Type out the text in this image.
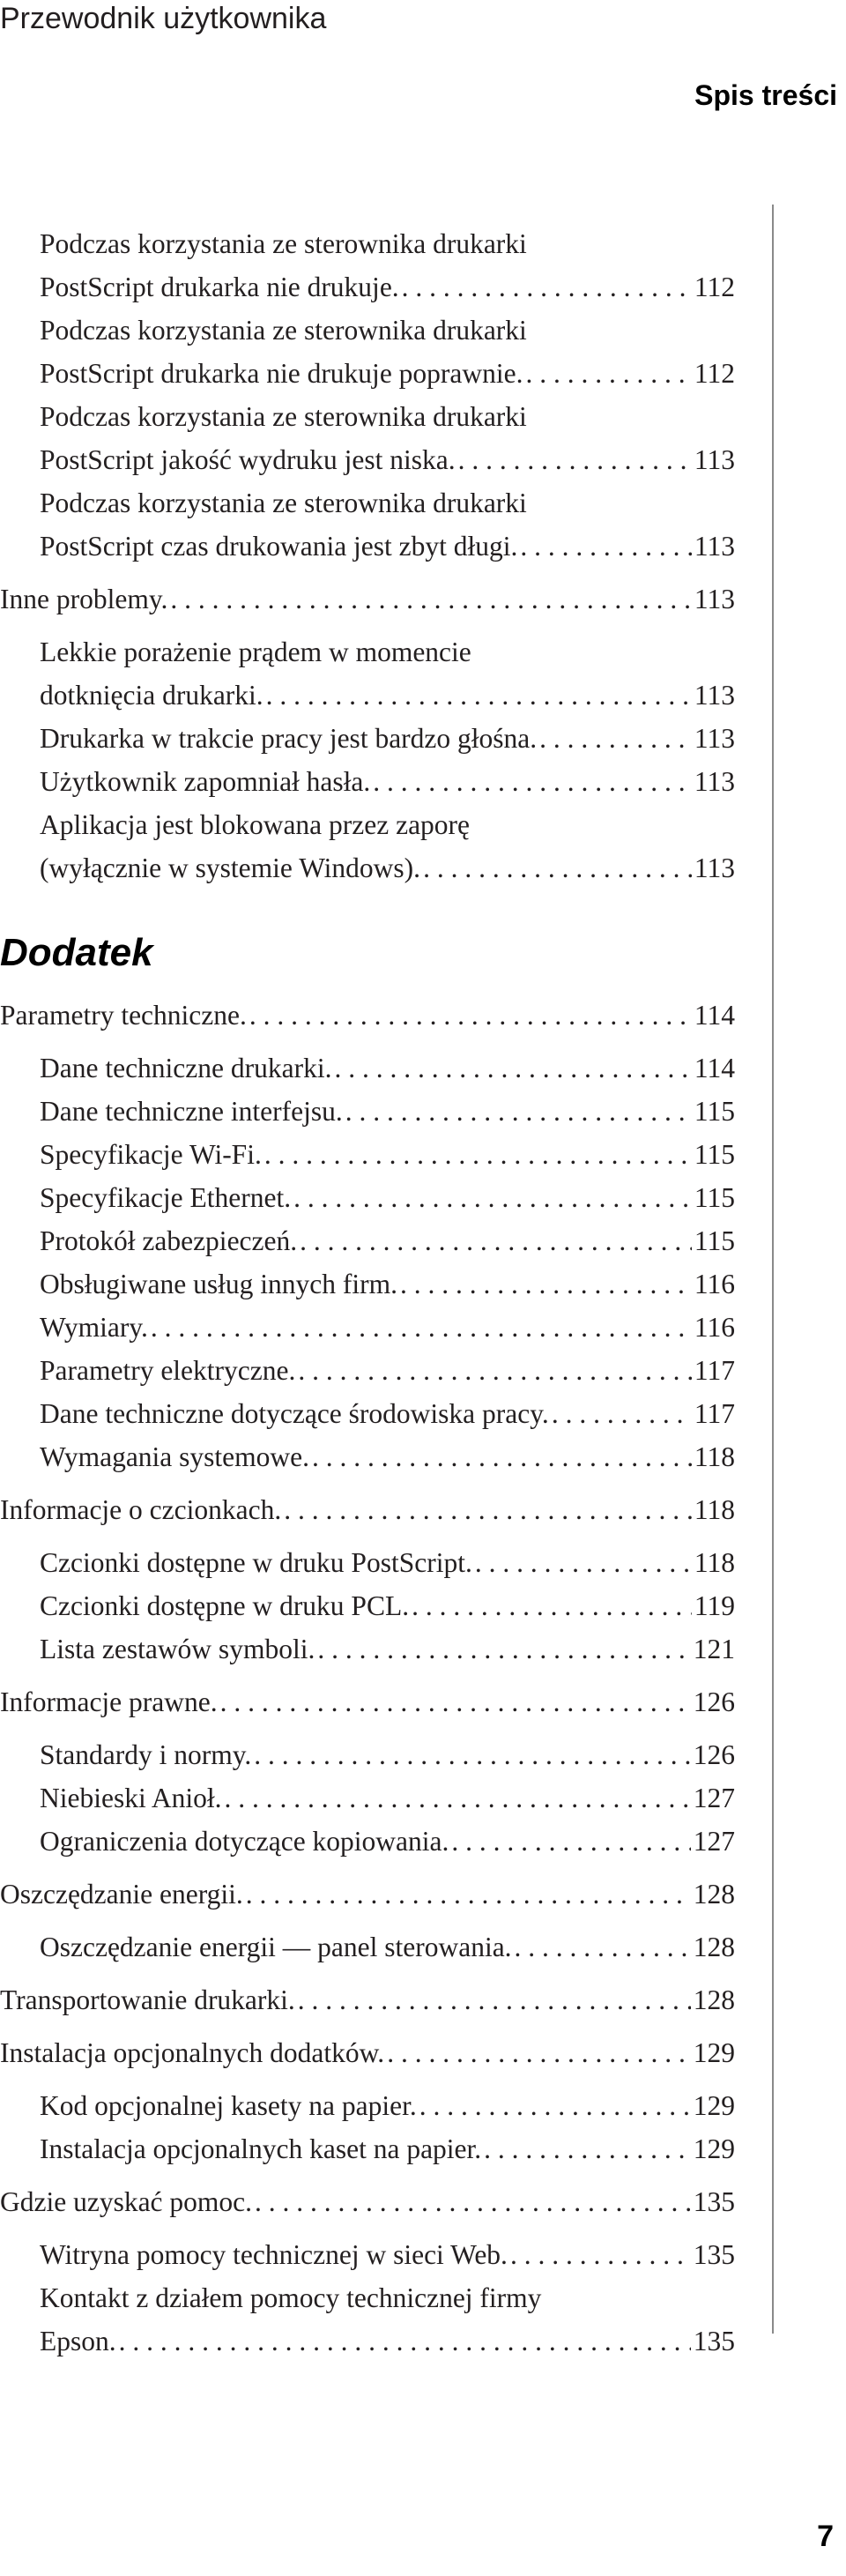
Przewodnik użytkownika
Spis treści
Podczas korzystania ze sterownika drukarki
PostScript drukarka nie drukuje. . . .	112
Podczas korzystania ze sterownika drukarki
PostScript drukarka nie drukuje poprawnie. . . .	112
Podczas korzystania ze sterownika drukarki
PostScript jakość wydruku jest niska. . . .	113
Podczas korzystania ze sterownika drukarki
PostScript czas drukowania jest zbyt długi. . . .	113
Inne problemy. . . .	113
Lekkie porażenie prądem w momencie
dotknięcia drukarki. . . .	113
Drukarka w trakcie pracy jest bardzo głośna. . . .	113
Użytkownik zapomniał hasła. . . .	113
Aplikacja jest blokowana przez zaporę
(wyłącznie w systemie Windows). . . .	113
Dodatek
Parametry techniczne. . . .	114
Dane techniczne drukarki. . . .	114
Dane techniczne interfejsu. . . .	115
Specyfikacje Wi-Fi. . . .	115
Specyfikacje Ethernet. . . .	115
Protokół zabezpieczeń. . . .	115
Obsługiwane usług innych firm. . . .	116
Wymiary. . . .	116
Parametry elektryczne. . . .	117
Dane techniczne dotyczące środowiska pracy. . . .	117
Wymagania systemowe. . . .	118
Informacje o czcionkach. . . .	118
Czcionki dostępne w druku PostScript. . . .	118
Czcionki dostępne w druku PCL. . . .	119
Lista zestawów symboli. . . .	121
Informacje prawne. . . .	126
Standardy i normy. . . .	126
Niebieski Anioł. . . .	127
Ograniczenia dotyczące kopiowania. . . .	127
Oszczędzanie energii. . . .	128
Oszczędzanie energii — panel sterowania. . . .	128
Transportowanie drukarki. . . .	128
Instalacja opcjonalnych dodatków. . . .	129
Kod opcjonalnej kasety na papier. . . .	129
Instalacja opcjonalnych kaset na papier. . . .	129
Gdzie uzyskać pomoc. . . .	135
Witryna pomocy technicznej w sieci Web. . . .	135
Kontakt z działem pomocy technicznej firmy
Epson. . . .	135
7
